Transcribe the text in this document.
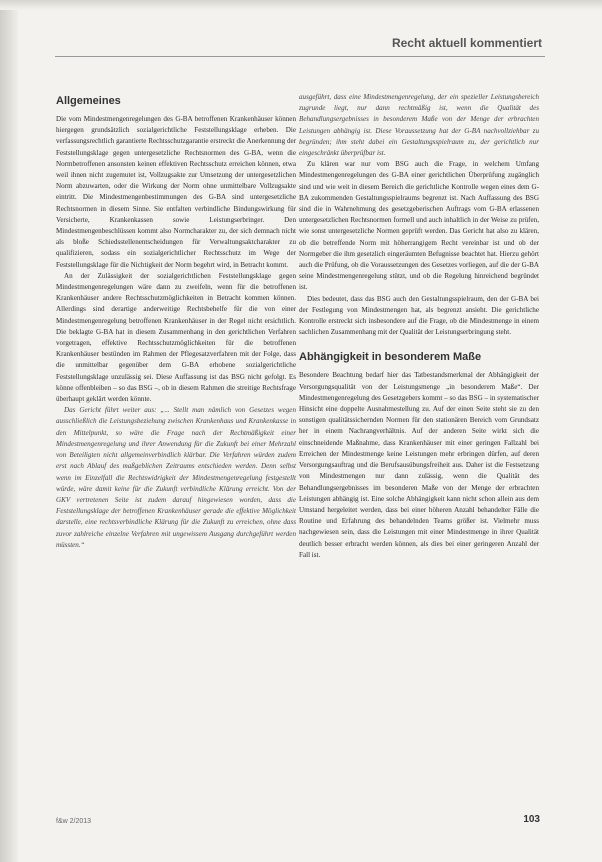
Recht aktuell kommentiert
Allgemeines

Die vom Mindestmengenregelungen des G-BA betroffenen Krankenhäuser können hiergegen grundsätzlich sozialgerichtliche Feststellungsklage erheben. Die verfassungsrechtlich garantierte Rechtsschutzgarantie erstreckt die Anerkennung der Feststellungsklage gegen untergesetzliche Rechtsnormen des G-BA, wenn die Normbetroffenen ansonsten keinen effektiven Rechtsschutz erreichen können, etwa weil ihnen nicht zugemutet ist, Vollzugsakte zur Umsetzung der untergesetzlichen Norm abzuwarten, oder die Wirkung der Norm ohne unmittelbare Vollzugsakte eintritt. Die Mindestmengenbestimmungen des G-BA sind untergesetzliche Rechtsnormen in diesem Sinne. Sie entfalten verbindliche Bindungswirkung für Versicherte, Krankenkassen sowie Leistungserbringer. Den Mindestmengenbeschlüssen kommt also Normcharakter zu, der sich demnach nicht als bloße Schiedsstellenentscheidungen für Verwaltungsaktcharakter zu qualifizieren, sodass ein sozialgerichtlicher Rechtsschutz im Wege der Feststellungsklage für die Nichtigkeit der Norm begehrt wird, in Betracht kommt.

An der Zulässigkeit der sozialgerichtlichen Feststellungsklage gegen Mindestmengenregelungen wäre dann zu zweifeln, wenn für die betroffenen Krankenhäuser andere Rechtsschutzmöglichkeiten in Betracht kommen können. Allerdings sind derartige anderweitige Rechtsbehelfe für die von einer Mindestmengenregelung betroffenen Krankenhäuser in der Regel nicht ersichtlich. Die beklagte G-BA hat in diesem Zusammenhang in den gerichtlichen Verfahren vorgetragen, effektive Rechtsschutzmöglichkeiten für die betroffenen Krankenhäuser bestünden im Rahmen der Pflegesatzverfahren mit der Folge, dass die unmittelbar gegenüber dem G-BA erhobene sozialgerichtliche Feststellungsklage unzulässig sei. Diese Auffassung ist das BSG nicht gefolgt. Es könne offenbleiben – so das BSG –, ob in diesem Rahmen die streitige Rechtsfrage überhaupt geklärt werden könnte.

Das Gericht führt weiter aus: „... Stellt man nämlich von Gesetzes wegen ausschließlich die Leistungsbeziehung zwischen Krankenhaus und Krankenkasse in den Mittelpunkt, so wäre die Frage nach der Rechtmäßigkeit einer Mindestmengenregelung und ihrer Anwendung für die Zukunft bei einer Mehrzahl von Beteiligten nicht allgemeinverbindlich klärbar. Die Verfahren würden zudem erst nach Ablauf des maßgeblichen Zeitraums entschieden werden. Denn selbst wenn im Einzelfall die Rechtswidrigkeit der Mindestmengenregelung festgestellt würde, wäre damit keine für die Zukunft verbindliche Klärung erreicht. Von der GKV vertretenen Seite ist zudem darauf hingewiesen worden, dass die Feststellungsklage der betroffenen Krankenhäuser gerade die effektive Möglichkeit darstelle, eine rechtsverbindliche Klärung für die Zukunft zu erreichen, ohne dass zuvor zahlreiche einzelne Verfahren mit ungewissem Ausgang durchgeführt werden müssten.“

ausgeführt, dass eine Mindestmengenregelung, der ein spezieller Leistungsbereich zugrunde liegt, nur dann rechtmäßig ist, wenn die Qualität des Behandlungsergebnisses in besonderem Maße von der Menge der erbrachten Leistungen abhängig ist. Diese Voraussetzung hat der G-BA nachvollziehbar zu begründen; ihm steht dabei ein Gestaltungsspielraum zu, der gerichtlich nur eingeschränkt überprüfbar ist.

Zu klären war nur vom BSG auch die Frage, in welchem Umfang Mindestmengenregelungen des G-BA einer gerichtlichen Überprüfung zugänglich sind und wie weit in diesem Bereich die gerichtliche Kontrolle wegen eines dem G-BA zukommenden Gestaltungsspielraums begrenzt ist. Nach Auffassung des BSG sind die in Wahrnehmung des gesetzgeberischen Auftrags vom G-BA erlassenen untergesetzlichen Rechtsnormen formell und auch inhaltlich in der Weise zu prüfen, wie sonst untergesetzliche Normen geprüft werden. Das Gericht hat also zu klären, ob die betreffende Norm mit höherrangigem Recht vereinbar ist und ob der Normgeber die ihm gesetzlich eingeräumten Befugnisse beachtet hat. Hierzu gehört auch die Prüfung, ob die Voraussetzungen des Gesetzes vorliegen, auf die der G-BA seine Mindestmengenregelung stützt, und ob die Regelung hinreichend begründet ist.

Dies bedeutet, dass das BSG auch den Gestaltungsspielraum, den der G-BA bei der Festlegung von Mindestmengen hat, als begrenzt ansieht. Die gerichtliche Kontrolle erstreckt sich insbesondere auf die Frage, ob die Mindestmenge in einem sachlichen Zusammenhang mit der Qualität der Leistungserbringung steht.

Abhängigkeit in besonderem Maße

Besondere Beachtung bedarf hier das Tatbestandsmerkmal der Abhängigkeit der Versorgungsqualität von der Leistungsmenge „in besonderem Maße“. Der Mindestmengenregelung des Gesetzgebers kommt – so das BSG – in systematischer Hinsicht eine doppelte Ausnahmestellung zu. Auf der einen Seite steht sie zu den sonstigen qualitätssichernden Normen für den stationären Bereich vom Grundsatz her in einem Nachrangverhältnis. Auf der anderen Seite wirkt sich die einschneidende Maßnahme, dass Krankenhäuser mit einer geringen Fallzahl bei Erreichen der Mindestmenge keine Leistungen mehr erbringen dürfen, auf deren Versorgungsauftrag und die Berufsausübungsfreiheit aus. Daher ist die Festsetzung von Mindestmengen nur dann zulässig, wenn die Qualität des Behandlungsergebnisses im besonderen Maße von der Menge der erbrachten Leistungen abhängig ist. Eine solche Abhängigkeit kann nicht schon allein aus dem Umstand hergeleitet werden, dass bei einer höheren Anzahl behandelter Fälle die Routine und Erfahrung des behandelnden Teams größer ist. Vielmehr muss nachgewiesen sein, dass die Leistungen mit einer Mindestmenge in ihrer Qualität deutlich besser erbracht werden können, als dies bei einer geringeren Anzahl der Fall ist.

f&w 2/2013	103
